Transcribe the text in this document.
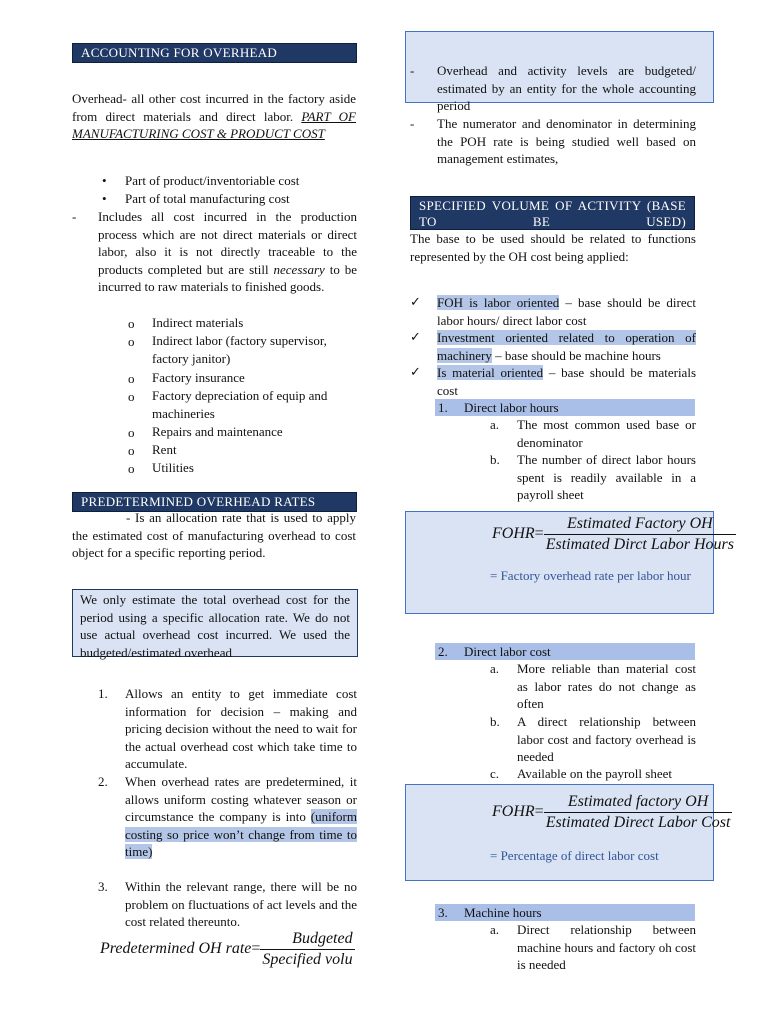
ACCOUNTING FOR OVERHEAD
Overhead- all other cost incurred in the factory aside from direct materials and direct labor. PART OF MANUFACTURING COST & PRODUCT COST
• Part of product/inventoriable cost
• Part of total manufacturing cost
- Includes all cost incurred in the production process which are not direct materials or direct labor, also it is not directly traceable to the products completed but are still necessary to be incurred to raw materials to finished goods.
o Indirect materials
o Indirect labor (factory supervisor, factory janitor)
o Factory insurance
o Factory depreciation of equip and machineries
o Repairs and maintenance
o Rent
o Utilities
PREDETERMINED OVERHEAD RATES
- Is an allocation rate that is used to apply the estimated cost of manufacturing overhead to cost object for a specific reporting period.
We only estimate the total overhead cost for the period using a specific allocation rate. We do not use actual overhead cost incurred. We used the budgeted/estimated overhead
1. Allows an entity to get immediate cost information for decision – making and pricing decision without the need to wait for the actual overhead cost which take time to accumulate.
2. When overhead rates are predetermined, it allows uniform costing whatever season or circumstance the company is into (uniform costing so price won’t change from time to time)
3. Within the relevant range, there will be no problem on fluctuations of act levels and the cost related thereunto.
Predetermined OH rate= $\frac{\text{Budgeted}}{\text{Specified volu}}$
- Overhead and activity levels are budgeted/ estimated by an entity for the whole accounting period
- The numerator and denominator in determining the POH rate is being studied well based on management estimates,
SPECIFIED VOLUME OF ACTIVITY (BASE TO BE USED)
The base to be used should be related to functions represented by the OH cost being applied:
✓ FOH is labor oriented – base should be direct labor hours/ direct labor cost
✓ Investment oriented related to operation of machinery – base should be machine hours
✓ Is material oriented – base should be materials cost
1. Direct labor hours
a. The most common used base or denominator
b. The number of direct labor hours spent is readily available in a payroll sheet
FOHR= $\frac{\text{Estimated Factory OH}}{\text{Estimated Dirct Labor Hours}}$
= Factory overhead rate per labor hour
2. Direct labor cost
a. More reliable than material cost as labor rates do not change as often
b. A direct relationship between labor cost and factory overhead is needed
c. Available on the payroll sheet
FOHR= $\frac{\text{Estimated factory OH}}{\text{Estimated Direct Labor Cost}}$
= Percentage of direct labor cost
3. Machine hours
a. Direct relationship between machine hours and factory oh cost is needed
